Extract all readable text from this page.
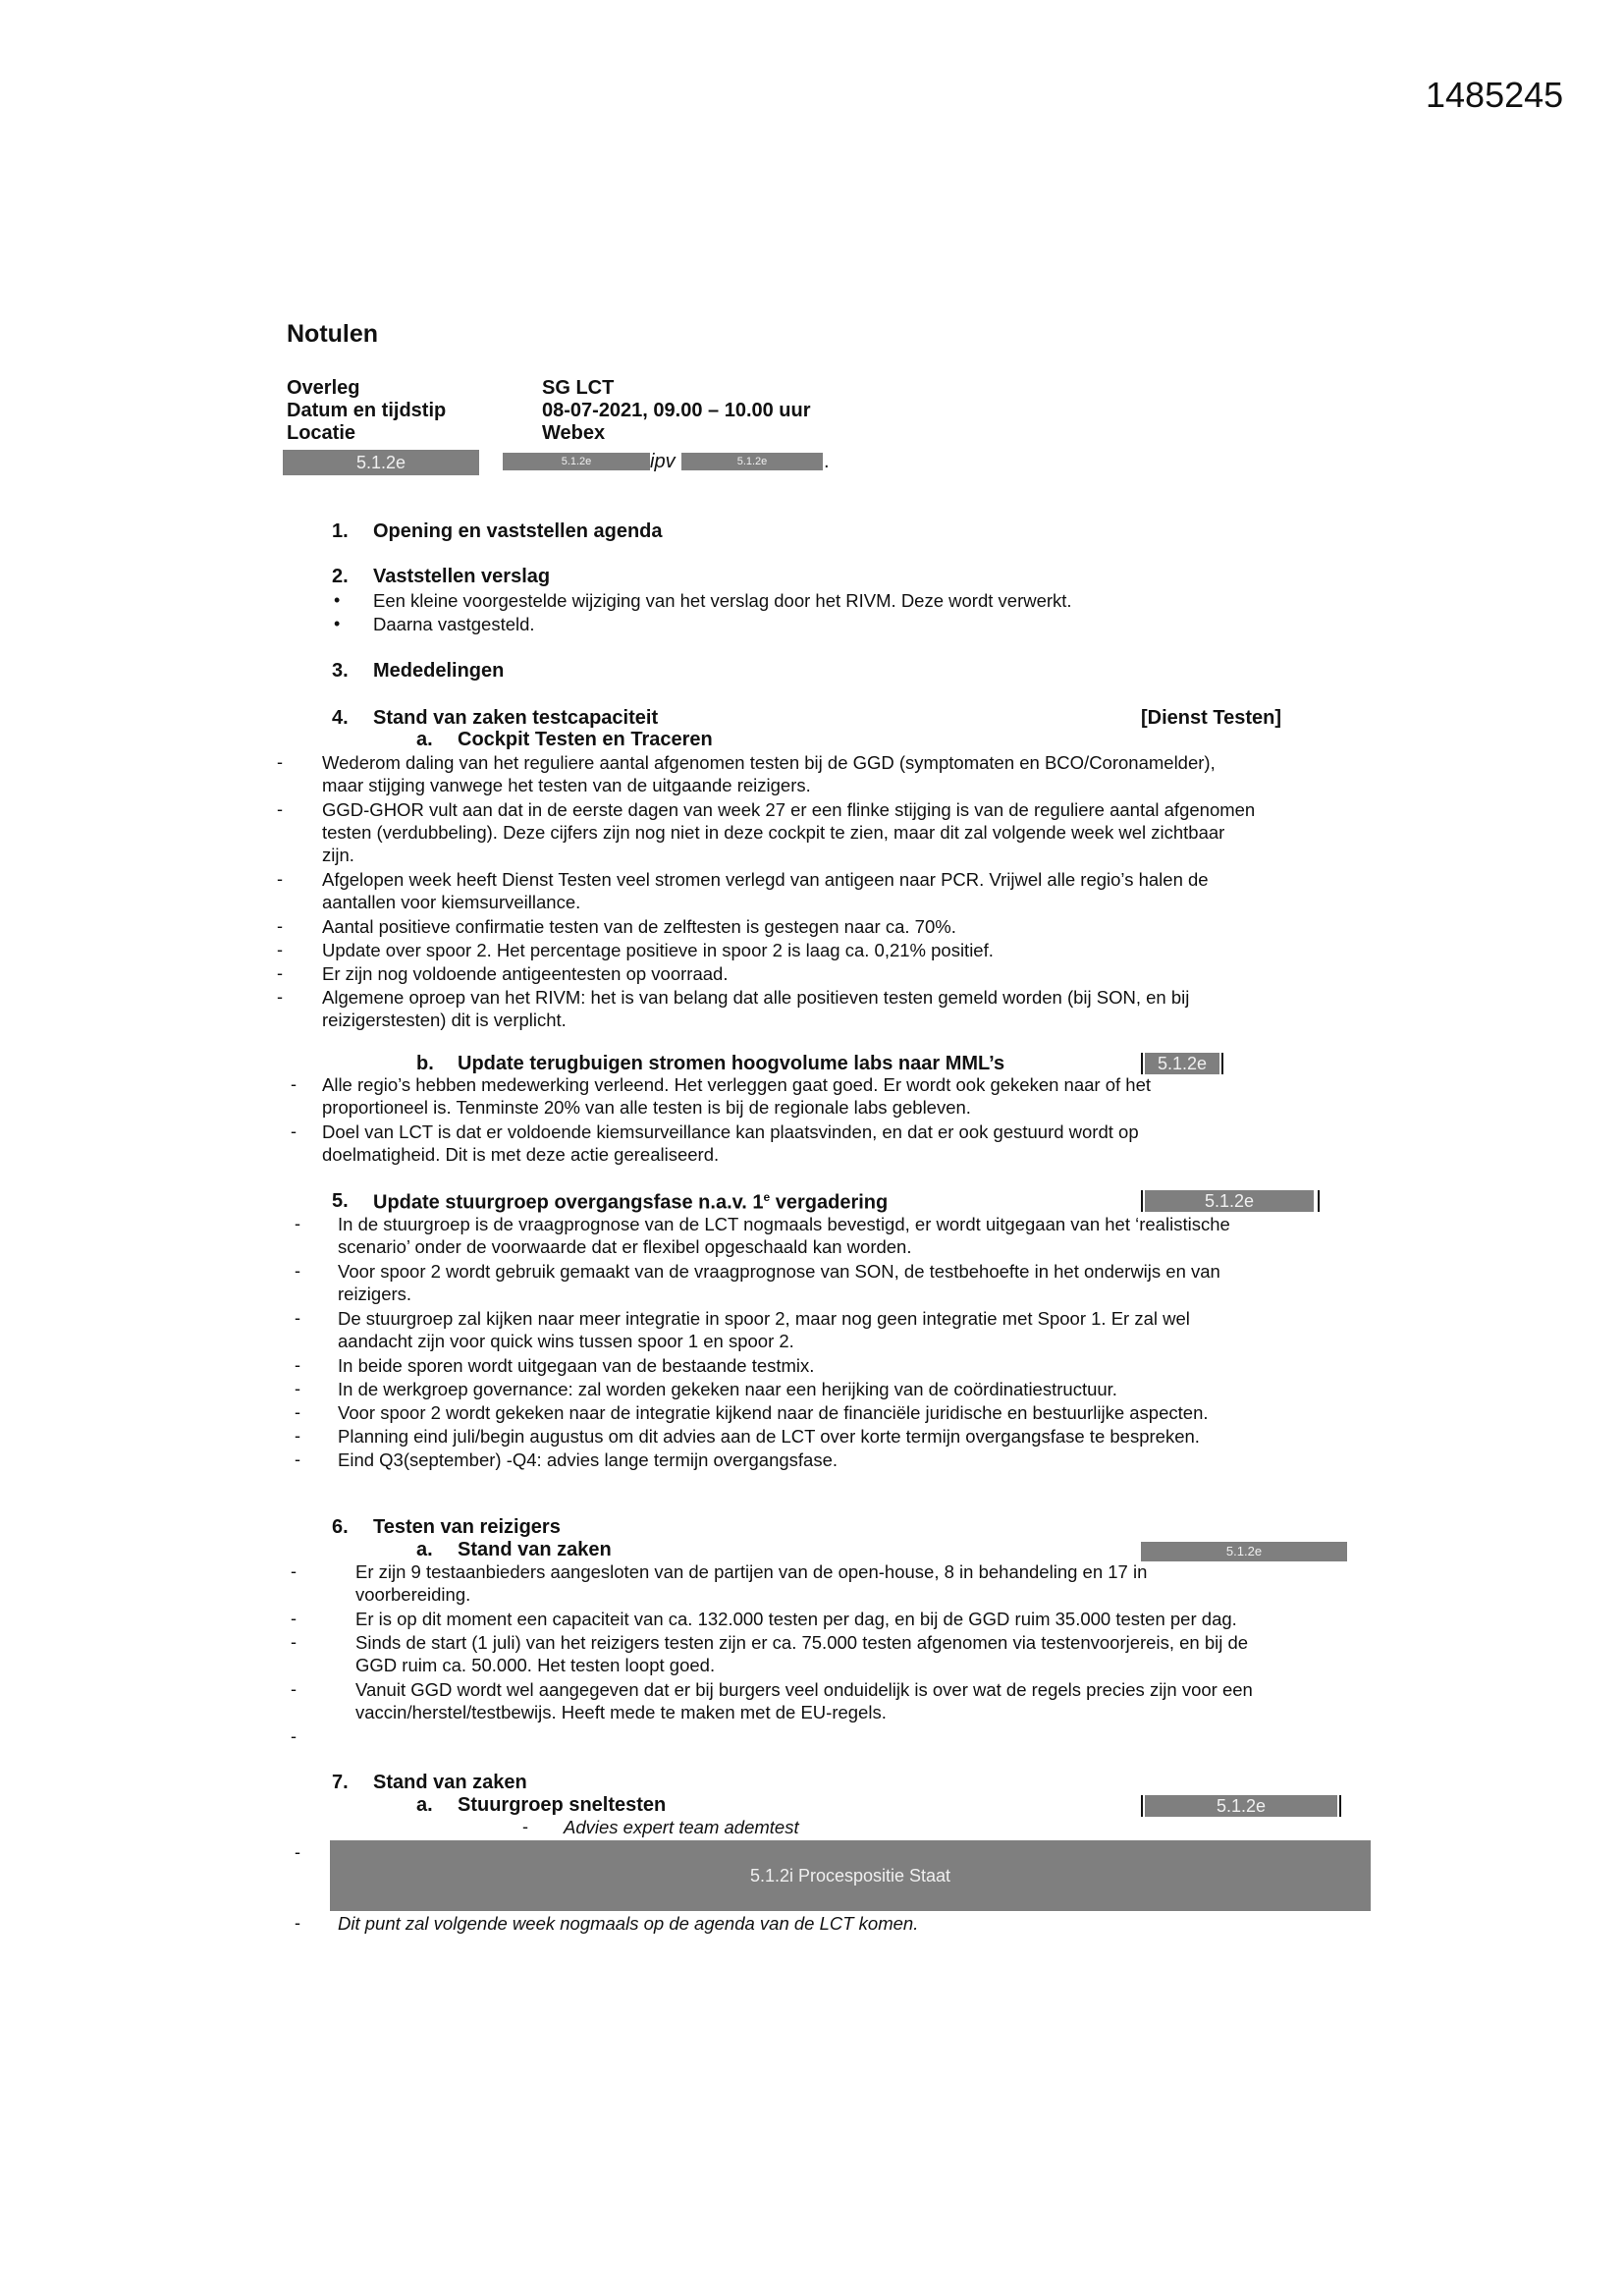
1485245
Notulen
Overleg	SG LCT
Datum en tijdstip	08-07-2021, 09.00 – 10.00 uur
Locatie	Webex
5.1.2e	5.1.2e	ipv	5.1.2e	.
1. Opening en vaststellen agenda
2. Vaststellen verslag
• Een kleine voorgestelde wijziging van het verslag door het RIVM. Deze wordt verwerkt.
• Daarna vastgesteld.
3. Mededelingen
4. Stand van zaken testcapaciteit	[Dienst Testen]
a. Cockpit Testen en Traceren
- Wederom daling van het reguliere aantal afgenomen testen bij de GGD (symptomaten en BCO/Coronamelder),
maar stijging vanwege het testen van de uitgaande reizigers.
- GGD-GHOR vult aan dat in de eerste dagen van week 27 er een flinke stijging is van de reguliere aantal afgenomen
testen (verdubbeling). Deze cijfers zijn nog niet in deze cockpit te zien, maar dit zal volgende week wel zichtbaar
zijn.
- Afgelopen week heeft Dienst Testen veel stromen verlegd van antigeen naar PCR. Vrijwel alle regio’s halen de
aantallen voor kiemsurveillance.
- Aantal positieve confirmatie testen van de zelftesten is gestegen naar ca. 70%.
- Update over spoor 2. Het percentage positieve in spoor 2 is laag ca. 0,21% positief.
- Er zijn nog voldoende antigeentesten op voorraad.
- Algemene oproep van het RIVM: het is van belang dat alle positieven testen gemeld worden (bij SON, en bij
reizigerstesten) dit is verplicht.
b. Update terugbuigen stromen hoogvolume labs naar MML’s	5.1.2e
- Alle regio’s hebben medewerking verleend. Het verleggen gaat goed. Er wordt ook gekeken naar of het
proportioneel is. Tenminste 20% van alle testen is bij de regionale labs gebleven.
- Doel van LCT is dat er voldoende kiemsurveillance kan plaatsvinden, en dat er ook gestuurd wordt op
doelmatigheid. Dit is met deze actie gerealiseerd.
5. Update stuurgroep overgangsfase n.a.v. 1e vergadering	5.1.2e
- In de stuurgroep is de vraagprognose van de LCT nogmaals bevestigd, er wordt uitgegaan van het ‘realistische
scenario’ onder de voorwaarde dat er flexibel opgeschaald kan worden.
- Voor spoor 2 wordt gebruik gemaakt van de vraagprognose van SON, de testbehoefte in het onderwijs en van
reizigers.
- De stuurgroep zal kijken naar meer integratie in spoor 2, maar nog geen integratie met Spoor 1. Er zal wel
aandacht zijn voor quick wins tussen spoor 1 en spoor 2.
- In beide sporen wordt uitgegaan van de bestaande testmix.
- In de werkgroep governance: zal worden gekeken naar een herijking van de coördinatiestructuur.
- Voor spoor 2 wordt gekeken naar de integratie kijkend naar de financiële juridische en bestuurlijke aspecten.
- Planning eind juli/begin augustus om dit advies aan de LCT over korte termijn overgangsfase te bespreken.
- Eind Q3(september) -Q4: advies lange termijn overgangsfase.
6. Testen van reizigers
a. Stand van zaken	5.1.2e
-	Er zijn 9 testaanbieders aangesloten van de partijen van de open-house, 8 in behandeling en 17 in
voorbereiding.
-	Er is op dit moment een capaciteit van ca. 132.000 testen per dag, en bij de GGD ruim 35.000 testen per dag.
-	Sinds de start (1 juli) van het reizigers testen zijn er ca. 75.000 testen afgenomen via testenvoorjereis, en bij de
GGD ruim ca. 50.000. Het testen loopt goed.
-	Vanuit GGD wordt wel aangegeven dat er bij burgers veel onduidelijk is over wat de regels precies zijn voor een
vaccin/herstel/testbewijs. Heeft mede te maken met de EU-regels.
-
7. Stand van zaken
a. Stuurgroep sneltesten	5.1.2e
- Advies expert team ademtest
-
5.1.2i Procespositie Staat
- Dit punt zal volgende week nogmaals op de agenda van de LCT komen.
